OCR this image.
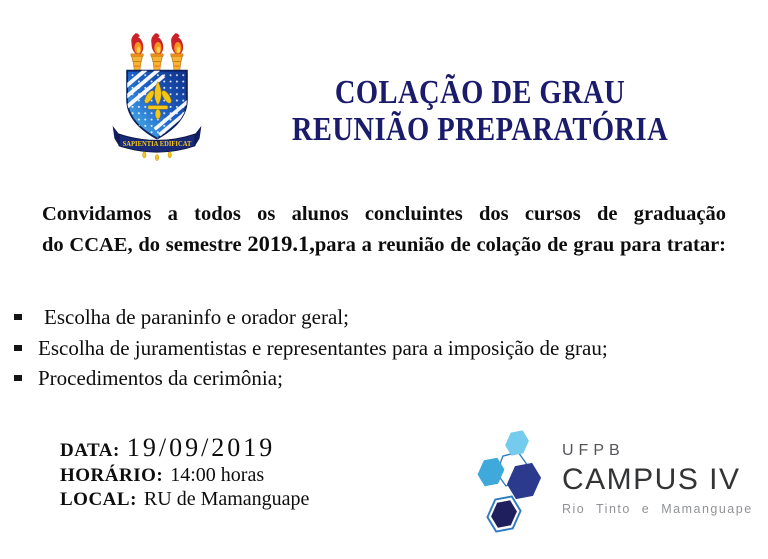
SAPIENTIA EDIFICAT
COLAÇÃO DE GRAU
REUNIÃO PREPARATÓRIA
Convidamos a todos os alunos concluintes dos cursos de graduação
do CCAE, do semestre 2019.1,para a reunião de colação de grau para tratar:
Escolha de paraninfo e orador geral;
Escolha de juramentistas e representantes para a imposição de grau;
Procedimentos da cerimônia;
DATA: 19/09/2019
HORÁRIO: 14:00 horas
LOCAL: RU de Mamanguape
UFPB
CAMPUS IV
Rio Tinto e Mamanguape
